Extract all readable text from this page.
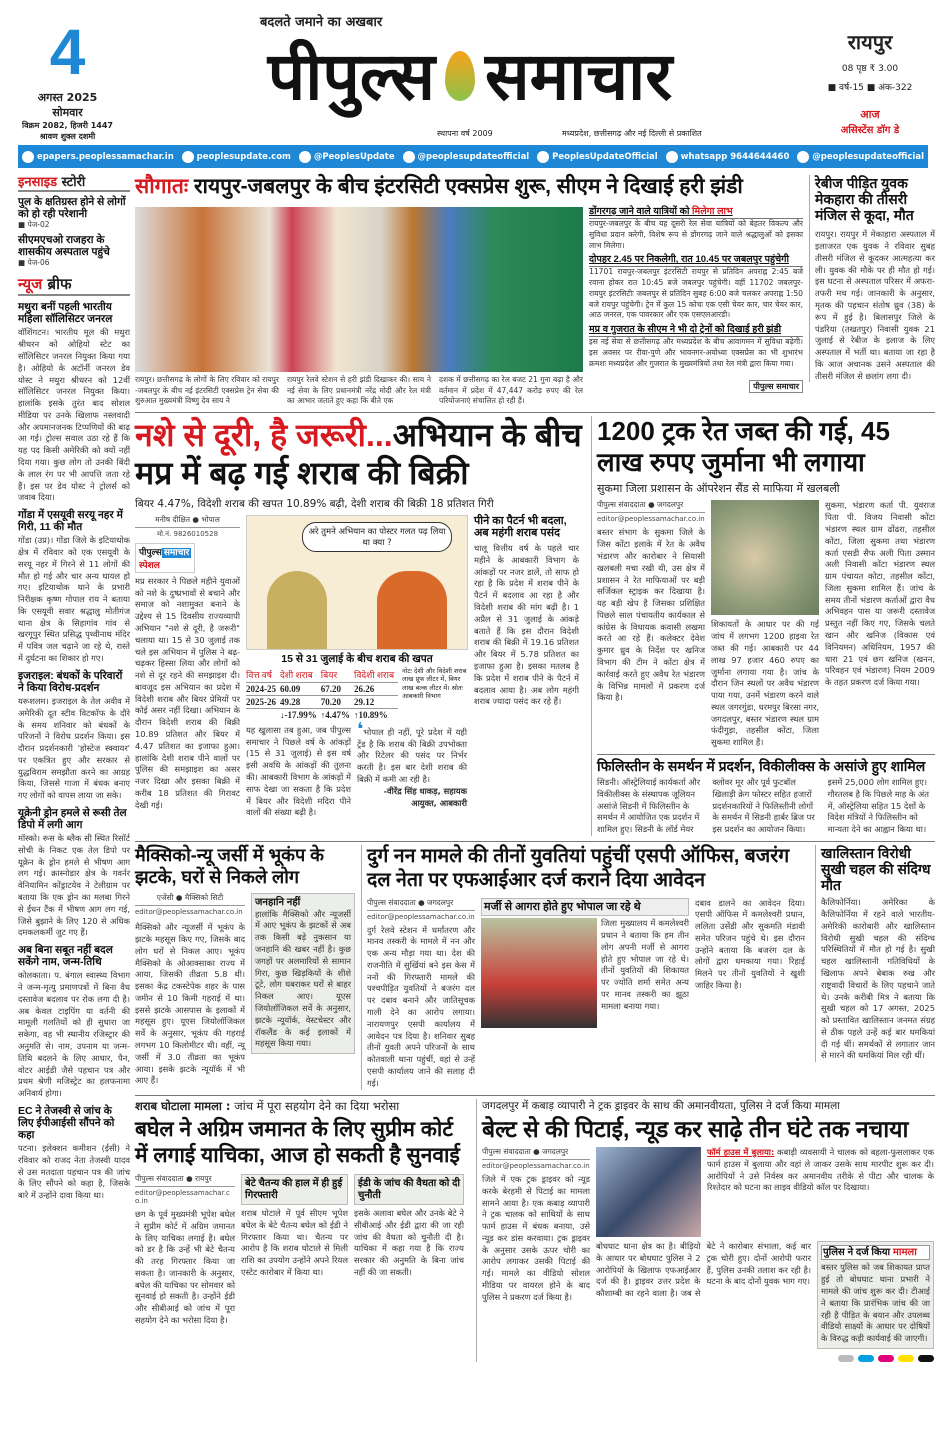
4
अगस्त 2025
सोमवार
विक्रम 2082, हिजरी 1447
श्रावण शुक्ल दशमी
बदलते जमाने का अखबार
पीपुल्स समाचार
स्थापना वर्ष 2009	मध्यप्रदेश, छत्तीसगढ़ और नई दिल्ली से प्रकाशित
रायपुर
08 पृष्ठ ₹ 3.00
■ वर्ष-15 ■ अंक-322
आज
असिस्टेंस डॉग डे
epapers.peoplessamachar.in	peoplesupdate.com	@PeoplesUpdate	@peoplesupdateofficial	PeoplesUpdateOfficial	whatsapp 9644644460	@peoplesupdateofficial
इनसाइड स्टोरी
पुल के क्षतिग्रस्त होने से लोगों को हो रही परेशानी
■ पेज-02
सीएमएचओ राजहरा के शासकीय अस्पताल पहुंचे
■ पेज-06
न्यूज ब्रीफ
मथुरा बनीं पहली भारतीय महिला सॉलिसिटर जनरल
वॉशिंगटन। भारतीय मूल की मथुरा श्रीधरन को ओहियो स्टेट का सॉलिसिटर जनरल नियुक्त किया गया है। ओहियो के अटॉर्नी जनरल डेव योस्ट ने मथुरा श्रीधरन को 12वीं सॉलिसिटर जनरल नियुक्त किया। हालांकि इसके तुरंत बाद सोशल मीडिया पर उनके खिलाफ नस्लवादी और अपमानजनक टिप्पणियों की बाढ़ आ गई। ट्रोल्स सवाल उठा रहे हैं कि यह पद किसी अमेरिकी को क्यों नहीं दिया गया। कुछ लोग तो उनकी बिंदी के लाल रंग पर भी आपत्ति जता रहे हैं। इस पर डेव योस्ट ने ट्रोलर्स को जवाब दिया।
गोंडा में एसयूवी सरयू नहर में गिरी, 11 की मौत
गोंडा (उप्र)। गोंडा जिले के इटियाथोक क्षेत्र में रविवार को एक एसयूवी के सरयू नहर में गिरने से 11 लोगों की मौत हो गई और चार अन्य घायल हो गए। इटियाथोक थाने के प्रभारी निरीक्षक कृष्ण गोपाल राय ने बताया कि एसयूवी सवार श्रद्धालु मोतीगंज थाना क्षेत्र के सिहागांव गांव से खरगूपुर स्थित प्रसिद्ध पृथ्वीनाथ मंदिर में पवित्र जल चढ़ाने जा रहे थे, रास्ते में दुर्घटना का शिकार हो गए।
इजराइल: बंधकों के परिवारों ने किया विरोध-प्रदर्शन
यरूशलम। इजराइल के तेल अवीव में अमेरिकी दूत स्टीव विटकॉफ के दौरे के समय शनिवार को बंधकों के परिजनों ने विरोध प्रदर्शन किया। इस दौरान प्रदर्शनकारी 'होस्टेज स्क्वायर' पर एकत्रित हुए और सरकार से युद्धविराम समझौता करने का आग्रह किया, जिससे गाजा में बंधक बनाए गए लोगों को वापस लाया जा सके।
यूक्रेनी ड्रोन हमले से रूसी तेल डिपो में लगी आग
मॉस्को। रूस के ब्लैक सी स्थित रिसॉर्ट सोची के निकट एक तेल डिपो पर यूक्रेन के ड्रोन हमले से भीषण आग लग गई। क्रास्नोडार क्षेत्र के गवर्नर वेनियामिन कोंड्राटयेव ने टेलीग्राम पर बताया कि एक ड्रोन का मलबा गिरने से ईंधन टैंक में भीषण आग लग गई, जिसे बुझाने के लिए 120 से अधिक दमकलकर्मी जुट गए हैं।
अब बिना सबूत नहीं बदल सकेंगे नाम, जन्म-तिथि
कोलकाता। प. बंगाल स्वास्थ्य विभाग ने जन्म-मृत्यु प्रमाणपत्रों में बिना वैध दस्तावेज बदलाव पर रोक लगा दी है। अब केवल टाइपिंग या वर्तनी की मामूली गलतियों को ही सुधारा जा सकेगा, वह भी स्थानीय रजिस्ट्रार की अनुमति से। नाम, उपनाम या जन्म-तिथि बदलने के लिए आधार, पैन, वोटर आईडी जैसे पहचान पत्र और प्रथम श्रेणी मजिस्ट्रेट का हलफनामा अनिवार्य होगा।
EC ने तेजस्वी से जांच के लिए ईपीआईसी सौंपने को कहा
पटना। इलेक्शन कमीशन (ईसी) ने रविवार को राजद नेता तेजस्वी यादव से उस मतदाता पहचान पत्र की जांच के लिए सौंपने को कहा है, जिसके बारे में उन्होंने दावा किया था।
सौगातः रायपुर-जबलपुर के बीच इंटरसिटी एक्सप्रेस शुरू, सीएम ने दिखाई हरी झंडी
रायपुर। छत्तीसगढ़ के लोगों के लिए रविवार को रायपुर -जबलपुर के बीच नई इंटरसिटी एक्सप्रेस ट्रेन सेवा की शुरुआत मुख्यमंत्री विष्णु देव साय ने
रायपुर रेलवे स्टेशन से हरी झंडी दिखाकर की। साय ने नई सेवा के लिए प्रधानमंत्री नरेंद्र मोदी और रेल मंत्री का आभार जताते हुए कहा कि बीते एक
दशक में छत्तीसगढ़ का रेल बजट 21 गुना बढ़ा है और वर्तमान में प्रदेश में 47,447 करोड़ रुपए की रेल परियोजनाएं संचालित हो रही हैं।
डोंगरगढ़ जाने वाले यात्रियों को मिलेगा लाभ
रायपुर-जबलपुर के बीच यह दूसरी रेल सेवा यात्रियों को बेहतर विकल्प और सुविधा प्रदान करेगी, विशेष रूप से डोंगरगढ़ जाने वाले श्रद्धालुओं को इसका लाभ मिलेगा।
दोपहर 2.45 पर निकलेगी, रात 10.45 पर जबलपुर पहुंचेगी
11701 रायपुर-जबलपुर इंटरसिटी रायपुर से प्रतिदिन अपराह्न 2:45 बजे रवाना होकर रात 10:45 बजे जबलपुर पहुंचेगी। वहीं 11702 जबलपुर-रायपुर इंटरसिटीः जबलपुर से प्रतिदिन सुबह 6:00 बजे चलकर अपराह्न 1:50 बजे रायपुर पहुंचेगी। ट्रेन में कुल 15 कोचः एक एसी चेयर कार, चार चेयर कार, आठ जनरल, एक पावरकार और एक एसएलआरडी।
मप्र व गुजरात के सीएम ने भी दो ट्रेनों को दिखाई हरी झंडी
इस नई सेवा से छत्तीसगढ़ और मध्यप्रदेश के बीच आवागमन में सुविधा बढ़ेगी। इस अवसर पर रीवा-पुणे और भावनगर-अयोध्या एक्सप्रेस का भी शुभारंभ क्रमशः मध्यप्रदेश और गुजरात के मुख्यमंत्रियों तथा रेल मंत्री द्वारा किया गया।
पीपुल्स समाचार
रेबीज पीड़ित युवक मेकहारा की तीसरी मंजिल से कूदा, मौत
रायपुर। रायपुर में मेकाहारा अस्पताल में इलाजरत एक युवक ने रविवार सुबह तीसरी मंजिल से कूदकर आत्महत्या कर ली। युवक की मौके पर ही मौत हो गई। इस घटना से अस्पताल परिसर में अफरा-तफरी मच गई। जानकारी के अनुसार, मृतक की पहचान संतोष ध्रुव (38) के रूप में हुई है। बिलासपुर जिले के पंडरिया (तखतपुर) निवासी युवक 21 जुलाई से रेबीज के इलाज के लिए अस्पताल में भर्ती था। बताया जा रहा है कि आज अचानक उसने अस्पताल की तीसरी मंजिल से छलांग लगा दी।
नशे से दूरी, है जरूरी...अभियान के बीच मप्र में बढ़ गई शराब की बिक्री
बियर 4.47%, विदेशी शराब की खपत 10.89% बढ़ी, देशी शराब की बिक्री 18 प्रतिशत गिरी
मनीष दीक्षित ● भोपाल
मो.नं. 9826010528
पीपुल्स समाचार
स्पेशल
मप्र सरकार ने पिछले महीने युवाओं को नशे के दुष्प्रभावों से बचाने और समाज को नशामुक्त बनाने के उद्देश्य से 15 दिवसीय राज्यव्यापी अभियान "नशे से दूरी, है जरूरी" चलाया था। 15 से 30 जुलाई तक चले इस अभियान में पुलिस ने बढ़-चढ़कर हिस्सा लिया और लोगों को नशे से दूर रहने की समझाइश दी। बावजूद इस अभियान का प्रदेश में विदेशी शराब और बियर प्रेमियों पर कोई असर नहीं दिखा। अभियान के दौरान विदेशी शराब की बिक्री 10.89 प्रतिशत और बियर में 4.47 प्रतिशत का इजाफा हुआ। हालांकि देशी शराब पीने वालों पर पुलिस की समझाइश का असर नजर दिखा और इसका बिक्री में करीब 18 प्रतिशत की गिरावट देखी गई।
अरे तुमने अभियान का पोस्टर गलत पढ़ लिया था क्या ?
15 से 31 जुलाई के बीच शराब की खपत
वित्त वर्ष	देशी शराब	बियर	विदेशी शराब
2024-25	60.09	67.20	26.26
2025-26	49.28	70.20	29.12
	↓-17.99%	↑4.47%	↑10.89%
नोटः देशी और विदेशी शराब लाख प्रूफ लीटर में, बियर लाख बल्क लीटर में। स्रोतः आबकारी विभाग
यह खुलासा तब हुआ, जब पीपुल्स समाचार ने पिछले वर्ष के आंकड़ों (15 से 31 जुलाई) से इस वर्ष इसी अवधि के आंकड़ों की तुलना की। आबकारी विभाग के आंकड़ों में साफ देखा जा सकता है कि प्रदेश में बियर और विदेशी मदिरा पीने वालों की संख्या बढ़ी है।
❛भोपाल ही नहीं, पूरे प्रदेश में यही ट्रेंड है कि शराब की बिक्री उपभोक्ता और रिटेलर की पसंद पर निर्भर करती है। इस बार देशी शराब की बिक्री में कमी आ रही है।
-वीरेंद्र सिंह धाकड़, सहायक आयुक्त, आबकारी
पीने का पैटर्न भी बदला, अब महंगी शराब पसंद
चालू वित्तीय वर्ष के पहले चार महीने के आबकारी विभाग के आंकड़ों पर नजर डालें, तो साफ हो रहा है कि प्रदेश में शराब पीने के पैटर्न में बदलाव आ रहा है और विदेशी शराब की मांग बढ़ी है। 1 अप्रैल से 31 जुलाई के आंकड़े बताते हैं कि इस दौरान विदेशी शराब की बिक्री में 19.16 प्रतिशत और बियर में 5.78 प्रतिशत का इजाफा हुआ है। इसका मतलब है कि प्रदेश में शराब पीने के पैटर्न में बदलाव आया है। अब लोग महंगी शराब ज्यादा पसंद कर रहे हैं।
1200 ट्रक रेत जब्त की गई, 45 लाख रुपए जुर्माना भी लगाया
सुकमा जिला प्रशासन के ऑपरेशन सैंड से माफिया में खलबली
पीपुल्स संवाददाता ● जगदलपुर
editor@peoplessamachar.co.in
बस्तर संभाग के सुकमा जिले के जिस कोंटा इलाके में रेत के अवैध भंडारण और कारोबार ने सियासी खलबली मचा रखी थी, उस क्षेत्र में प्रशासन ने रेत माफियाओं पर बड़ी सर्जिकल स्ट्राइक कर दिखाया है। यह बड़ी खेप है जिसका प्रशिक्षित पिछले साल पंचायतीय कार्यकाल से कांग्रेस के विधायक कवासी लखमा करते आ रहे हैं। कलेक्टर देवेश कुमार ध्रुव के निर्देश पर खनिज विभाग की टीम ने कोंटा क्षेत्र में कार्रवाई करते हुए अवैध रेत भंडारण के विभिन्न मामलों में प्रकरण दर्ज किया है।
शिकायतों के आधार पर की गई जांच में लगभग 1200 हाइवा रेत जब्त की गई। आबकारी पर 44 लाख 97 हजार 460 रुपए का जुर्माना लगाया गया है। जांच के दौरान जिन स्थलों पर अवैध भंडारण पाया गया, उनमें भंडारण करने वाले स्थल जगरगुंडा, धरमपुर बिरसा नगर, जगदलपुर, बस्तर भंडारण स्थल ग्राम फंदीगुड़ा, तहसील कोंटा, जिला सुकमा शामिल हैं।
सुकमा, भंडारण कर्ता पी. युवराज पिता पी. विजय निवासी कोंटा भंडारण स्थल ग्राम ढोंढरा, तहसील कोंटा, जिला सुकमा तथा भंडारण कर्ता एसडी सैफ अली पिता उस्मान अली निवासी कोंटा भंडारण स्थल ग्राम पंचायत कोटा, तहसील कोंटा, जिला सुकमा शामिल हैं। जांच के समय तीनों भंडारण कर्ताओं द्वारा वैध अभिवहन पास या जरूरी दस्तावेज प्रस्तुत नहीं किए गए, जिसके चलते खान और खनिज (विकास एवं विनियमन) अधिनियम, 1957 की धारा 21 एवं छग खनिज (खनन, परिवहन एवं भंडारण) नियम 2009 के तहत प्रकरण दर्ज किया गया।
फिलिस्तीन के समर्थन में प्रदर्शन, विकीलीक्स के असांजे हुए शामिल
सिडनी। ऑस्ट्रेलियाई कार्यकर्ता और विकीलीक्स के संस्थापक जूलियन असांजे सिडनी में फिलिस्तीन के समर्थन में आयोजित एक प्रदर्शन में शामिल हुए। सिडनी के लॉर्ड मेयर
क्लोवर मूर और पूर्व फुटबॉल खिलाड़ी क्रेग फोस्टर सहित हजारों प्रदर्शनकारियों ने फिलिस्तीनी लोगों के समर्थन में सिडनी हार्बर ब्रिज पर इस प्रदर्शन का आयोजन किया।
इसमें 25,000 लोग शामिल हुए। गौरतलब है कि पिछले माह के अंत में, ऑस्ट्रेलिया सहित 15 देशों के विदेश मंत्रियों ने फिलिस्तीन को मान्यता देने का आह्वान किया था।
मैक्सिको-न्यू जर्सी में भूकंप के झटके, घरों से निकले लोग
एजेंसी ● मैक्सिको सिटी
editor@peoplessamachar.co.in
मैक्सिको और न्यूजर्सी में भूकंप के झटके महसूस किए गए, जिसके बाद लोग घरों से निकल आए। भूकंप मैक्सिको के ओआक्साका राज्य में आया, जिसकी तीव्रता 5.8 थी। इसका केंद्र टकस्टेपेक शहर के पास जमीन से 10 किमी गहराई में था। इससे झटके आसपास के इलाकों में महसूस हुए। यूएस जियोलॉजिकल सर्वे के अनुसार, भूकंप की गहराई लगभग 10 किलोमीटर थी। वहीं, न्यू जर्सी में 3.0 तीव्रता का भूकंप आया। इसके झटके न्यूयॉर्क में भी आए हैं।
जनहानि नहीं
हालांकि मैक्सिको और न्यूजर्सी में आए भूकंप के झटकों से अब तक किसी बड़े नुकसान या जनहानि की खबर नहीं है। कुछ जगहों पर अलमारियों से सामान गिरा, कुछ खिड़कियों के शीशे टूटे, लोग घबराकर घरों से बाहर निकल आए। यूएस जियोलॉजिकल सर्वे के अनुसार, झटके न्यूयॉर्क, वेस्टचेस्टर और रॉकलैंड के कई इलाकों में महसूस किया गया।
दुर्ग नन मामले की तीनों युवतियां पहुंचीं एसपी ऑफिस, बजरंग दल नेता पर एफआईआर दर्ज कराने दिया आवेदन
पीपुल्स संवाददाता ● जगदलपुर
editor@peoplessamachar.co.in
दुर्ग रेलवे स्टेशन में धर्मांतरण और मानव तस्करी के मामले में नन और एक अन्य मौड़ा गया था। देश की राजनीति में सुर्खियां बने इस केस में ननों की गिरफ्तारी मामले की पश्चपीड़ित युवतियों ने बजरंग दल पर दबाव बनाने और जातिसूचक गाली देने का आरोप लगाया। नारायणपुर एसपी कार्यालय में आवेदन पत्र दिया है। शनिवार सुबह तीनों युवती अपने परिजनों के साथ कोतवाली थाना पहुंचीं, वहां से उन्हें एसपी कार्यालय जाने की सलाह दी गई।
मर्जी से आगरा होते हुए भोपाल जा रहे थे
जिला मुख्यालय में कमलेश्वरी प्रधान ने बताया कि हम तीन लोग अपनी मर्जी से आगरा होते हुए भोपाल जा रहे थे। तीनों युवतियों की शिकायत पर ज्योति शर्मा समेत अन्य पर मानव तस्करी का झूठा मामला बनाया गया।
दबाव डालने का आवेदन दिया। एसपी ऑफिस में कमलेश्वरी प्रधान, ललिता उसेंडी और सुकमति मंडावी समेत परिजन पहुंचे थे। इस दौरान उन्होंने बताया कि बजरंग दल के लोगों द्वारा धमकाया गया। रिहाई मिलने पर तीनों युवतियों ने खुशी जाहिर किया है।
खालिस्तान विरोधी सुखी चहल की संदिग्ध मौत
कैलिफोर्निया। अमेरिका के कैलिफोर्निया में रहने वाले भारतीय-अमेरिकी कारोबारी और खालिस्तान विरोधी सुखी चहल की संदिग्ध परिस्थितियों में मौत हो गई है। सुखी चहल खालिस्तानी गतिविधियों के खिलाफ अपने बेबाक रुख और राष्ट्रवादी विचारों के लिए पहचाने जाते थे। उनके करीबी मित्र ने बताया कि सुखी चहल को 17 अगस्त, 2025 को प्रस्तावित खालिस्तान जनमत संग्रह से ठीक पहले उन्हें कई बार धमकियां दी गई थीं। समर्थकों से लगातार जान से मारने की धमकियां मिल रही थीं।
शराब घोटाला मामला : जांच में पूरा सहयोग देने का दिया भरोसा
बघेल ने अग्रिम जमानत के लिए सुप्रीम कोर्ट में लगाई याचिका, आज हो सकती है सुनवाई
पीपुल्स संवाददाता ● रायपुर
editor@peoplessamachar.co.in
छग के पूर्व मुख्यमंत्री भूपेश बघेल ने सुप्रीम कोर्ट में अग्रिम जमानत के लिए याचिका लगाई है। बघेल को डर है कि उन्हें भी बेटे चैतन्य की तरह गिरफ्तार किया जा सकता है। जानकारी के अनुसार, बघेल की याचिका पर सोमवार को सुनवाई हो सकती है। उन्होंने ईडी और सीबीआई को जांच में पूरा सहयोग देने का भरोसा दिया है।
बेटे चैतन्य की हाल में ही हुई गिरफ्तारी
शराब घोटाले में पूर्व सीएम भूपेश बघेल के बेटे चैतन्य बघेल को ईडी ने गिरफ्तार किया था। चैतन्य पर आरोप है कि शराब घोटाले से मिली राशि का उपयोग उन्होंने अपने रियल एस्टेट कारोबार में किया था।
ईडी के जांच की वैधता को दी चुनौती
इसके अलावा बघेल और उनके बेटे ने सीबीआई और ईडी द्वारा की जा रही जांच की वैधता को चुनौती दी है। याचिका में कहा गया है कि राज्य सरकार की अनुमति के बिना जांच नहीं की जा सकती।
जगदलपुर में कबाड़ व्यापारी ने ट्रक ड्राइवर के साथ की अमानवीयता, पुलिस ने दर्ज किया मामला
बेल्ट से की पिटाई, न्यूड कर साढ़े तीन घंटे तक नचाया
पीपुल्स संवाददाता ● जगदलपुर
editor@peoplessamachar.co.in
जिले में एक ट्रक ड्राइवर को न्यूड करके बेरहमी से पिटाई का मामला सामने आया है। एक कबाड़ व्यापारी ने ट्रक चालक को साथियों के साथ फार्म हाउस में बंधक बनाया, उसे न्यूड कर डांस करवाया। ट्रक ड्राइवर के अनुसार उसके ऊपर चोरी का आरोप लगाकर उसकी पिटाई की गई। मामले का वीडियो सोशल मीडिया पर वायरल होने के बाद पुलिस ने प्रकरण दर्ज किया है।
फॉर्म हाउस में बुलाया: कबाड़ी व्यवसायी ने चालक को बहला-फुसलाकर एक फार्म हाउस में बुलाया और वहां ले जाकर उसके साथ मारपीट शुरू कर दी। आरोपियों ने उसे निर्वस्त्र कर अमानवीय तरीके से पीटा और चालक के रिश्तेदार को घटना का लाइव वीडियो कॉल पर दिखाया।
बोधघाट थाना क्षेत्र का है। बीड़ियो के आधार पर बोधघाट पुलिस ने 2 आरोपियों के खिलाफ एफआईआर दर्ज की है। ड्राइवर उत्तर प्रदेश के कौशाम्बी का रहने वाला है। जब से बेटे ने कारोबार संभाला, कई बार ट्रक चोरी हुए। दोनों आरोपी फरार हैं, पुलिस उनकी तलाश कर रही है। घटना के बाद दोनों युवक भाग गए।
पुलिस ने दर्ज किया मामला
बस्तर पुलिस को जब शिकायत प्राप्त हुई तो बोधघाट थाना प्रभारी ने मामले की जांच शुरू कर दी। टीआई ने बताया कि प्रारंभिक जांच की जा रही है पीड़ित के बयान और उपलब्ध वीडियो साक्ष्यों के आधार पर दोषियों के विरुद्ध कड़ी कार्यवाई की जाएगी।
